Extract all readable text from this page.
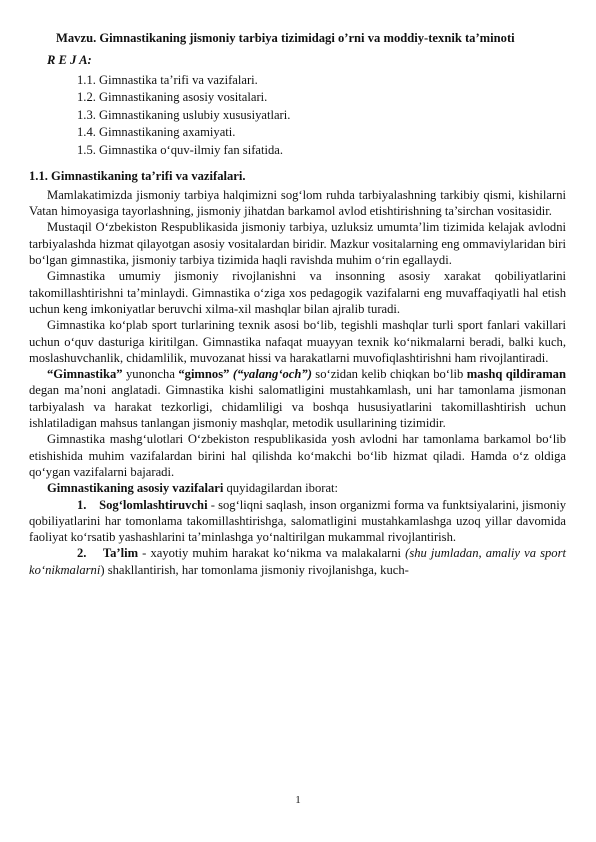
Mavzu. Gimnastikaning jismoniy tarbiya tizimidagi o’rni va moddiy-texnik ta’minoti
R E J A:
1.1. Gimnastika ta’rifi va vazifalari.
1.2. Gimnastikaning asosiy vositalari.
1.3. Gimnastikaning uslubiy xususiyatlari.
1.4. Gimnastikaning axamiyati.
1.5. Gimnastika o‘quv-ilmiy fan sifatida.
1.1. Gimnastikaning ta’rifi va vazifalari.

Mamlakatimizda jismoniy tarbiya halqimizni sog‘lom ruhda tarbiyalashning tarkibiy qismi, kishilarni Vatan himoyasiga tayorlashning, jismoniy jihatdan barkamol avlod etishtirishning ta’sirchan vositasidir.

Mustaqil O‘zbekiston Respublikasida jismoniy tarbiya, uzluksiz umumta’lim tizimida kelajak avlodni tarbiyalashda hizmat qilayotgan asosiy vositalardan biridir. Mazkur vositalarning eng ommaviylaridan biri bo‘lgan gimnastika, jismoniy tarbiya tizimida haqli ravishda muhim o‘rin egallaydi.

Gimnastika umumiy jismoniy rivojlanishni va insonning asosiy xarakat qobiliyatlarini takomillashtirishni ta’minlaydi. Gimnastika o‘ziga xos pedagogik vazifalarni eng muvaffaqiyatli hal etish uchun keng imkoniyatlar beruvchi xilma-xil mashqlar bilan ajralib turadi.

Gimnastika ko‘plab sport turlarining texnik asosi bo‘lib, tegishli mashqlar turli sport fanlari vakillari uchun o‘quv dasturiga kiritilgan. Gimnastika nafaqat muayyan texnik ko‘nikmalarni beradi, balki kuch, moslashuvchanlik, chidamlilik, muvozanat hissi va harakatlarni muvofiqlashtirishni ham rivojlantiradi.

“Gimnastika” yunoncha “gimnos” (“yalang‘och”) so‘zidan kelib chiqkan bo‘lib mashq qildiraman degan ma’noni anglatadi. Gimnastika kishi salomatligini mustahkamlash, uni har tamonlama jismonan tarbiyalash va harakat tezkorligi, chidamliligi va boshqa hususiyatlarini takomillashtirish uchun ishlatiladigan mahsus tanlangan jismoniy mashqlar, metodik usullarining tizimidir.

Gimnastika mashg‘ulotlari O‘zbekiston respublikasida yosh avlodni har tamonlama barkamol bo‘lib etishishida muhim vazifalardan birini hal qilishda ko‘makchi bo‘lib hizmat qiladi. Hamda o‘z oldiga qo‘ygan vazifalarni bajaradi.

Gimnastikaning asosiy vazifalari quyidagilardan iborat:

1. Sog‘lomlashtiruvchi - sog‘liqni saqlash, inson organizmi forma va funktsiyalarini, jismoniy qobiliyatlarini har tomonlama takomillashtirishga, salomatligini mustahkamlashga uzoq yillar davomida faoliyat ko‘rsatib yashashlarini ta’minlashga yo‘naltirilgan mukammal rivojlantirish.
2. Ta’lim - xayotiy muhim harakat ko‘nikma va malakalarni (shu jumladan, amaliy va sport ko‘nikmalarni) shakllantirish, har tomonlama jismoniy rivojlanishga, kuch-
1
